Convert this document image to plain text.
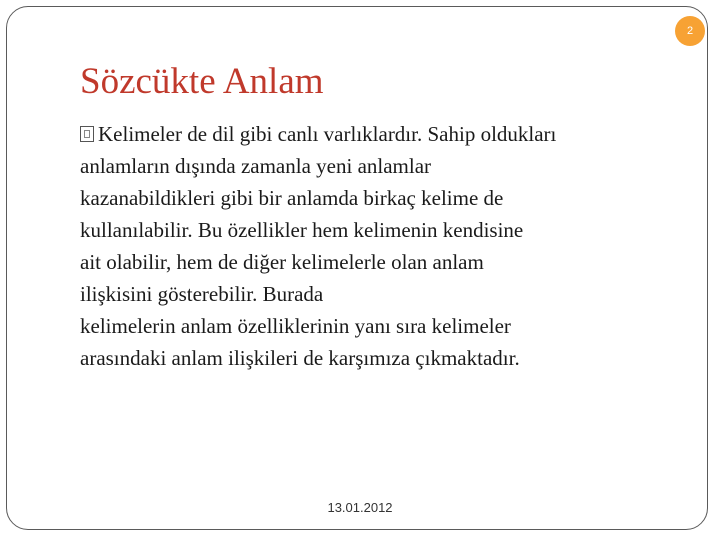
2
Sözcükte Anlam
Kelimeler de dil gibi canlı varlıklardır. Sahip oldukları
anlamların dışında zamanla yeni anlamlar
kazanabildikleri gibi bir anlamda birkaç kelime de
kullanılabilir. Bu özellikler hem kelimenin kendisine
ait olabilir, hem de diğer kelimelerle olan anlam
ilişkisini gösterebilir. Burada
kelimelerin anlam özelliklerinin yanı sıra kelimeler
arasındaki anlam ilişkileri de karşımıza çıkmaktadır.
13.01.2012
